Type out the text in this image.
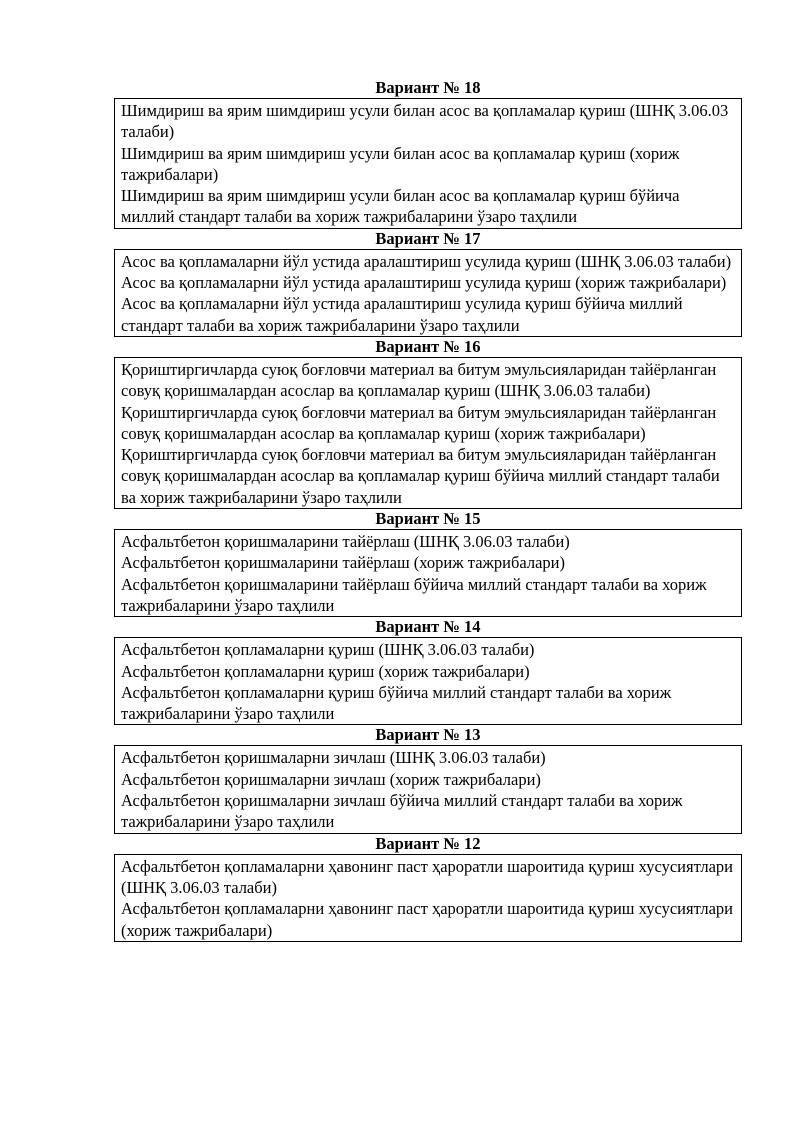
Вариант № 18

Шимдириш ва ярим шимдириш усули билан асос ва қопламалар қуриш (ШНҚ 3.06.03 талаби)

Шимдириш ва ярим шимдириш усули билан асос ва қопламалар қуриш (хориж тажрибалари)

Шимдириш ва ярим шимдириш усули билан асос ва қопламалар қуриш бўйича миллий стандарт талаби ва хориж тажрибаларини ўзаро таҳлили

Вариант № 17

Асос ва қопламаларни йўл устида аралаштириш усулида қуриш (ШНҚ 3.06.03 талаби)

Асос ва қопламаларни йўл устида аралаштириш усулида қуриш (хориж тажрибалари)

Асос ва қопламаларни йўл устида аралаштириш усулида қуриш бўйича миллий стандарт талаби ва хориж тажрибаларини ўзаро таҳлили

Вариант № 16

Қориштиргичларда суюқ боғловчи материал ва битум эмульсияларидан тайёрланган совуқ қоришмалардан асослар ва қопламалар қуриш (ШНҚ 3.06.03 талаби)

Қориштиргичларда суюқ боғловчи материал ва битум эмульсияларидан тайёрланган совуқ қоришмалардан асослар ва қопламалар қуриш (хориж тажрибалари)

Қориштиргичларда суюқ боғловчи материал ва битум эмульсияларидан тайёрланган совуқ қоришмалардан асослар ва қопламалар қуриш бўйича миллий стандарт талаби ва хориж тажрибаларини ўзаро таҳлили

Вариант № 15

Асфальтбетон қоришмаларини тайёрлаш (ШНҚ 3.06.03 талаби)

Асфальтбетон қоришмаларини тайёрлаш (хориж тажрибалари)

Асфальтбетон қоришмаларини тайёрлаш бўйича миллий стандарт талаби ва хориж тажрибаларини ўзаро таҳлили

Вариант № 14

Асфальтбетон қопламаларни қуриш (ШНҚ 3.06.03 талаби)

Асфальтбетон қопламаларни қуриш (хориж тажрибалари)

Асфальтбетон қопламаларни қуриш бўйича миллий стандарт талаби ва хориж тажрибаларини ўзаро таҳлили

Вариант № 13

Асфальтбетон қоришмаларни зичлаш (ШНҚ 3.06.03 талаби)

Асфальтбетон қоришмаларни зичлаш (хориж тажрибалари)

Асфальтбетон қоришмаларни зичлаш бўйича миллий стандарт талаби ва хориж тажрибаларини ўзаро таҳлили

Вариант № 12

Асфальтбетон қопламаларни ҳавонинг паст ҳароратли шароитида қуриш хусусиятлари (ШНҚ 3.06.03 талаби)

Асфальтбетон қопламаларни ҳавонинг паст ҳароратли шароитида қуриш хусусиятлари (хориж тажрибалари)
